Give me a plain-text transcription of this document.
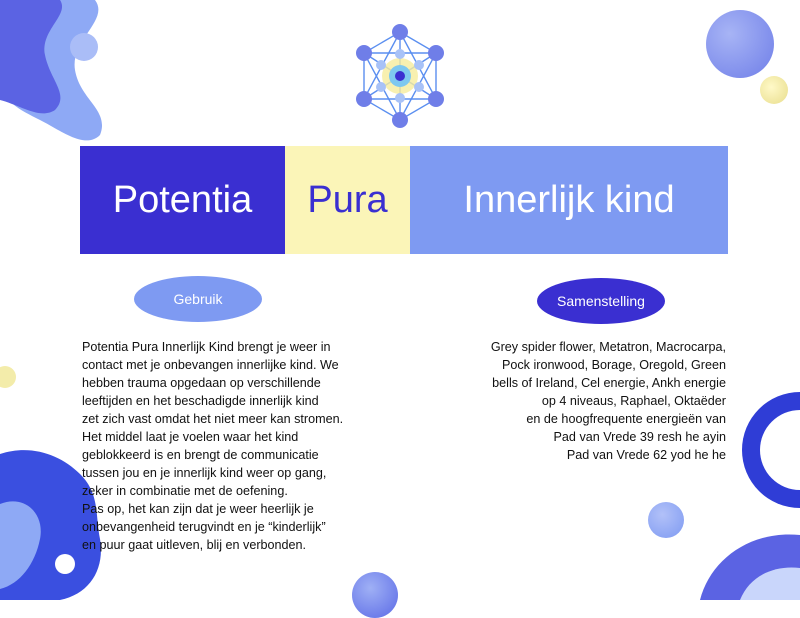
Potentia	Pura	Innerlijk kind
Gebruik	Samenstelling

Potentia Pura Innerlijk Kind brengt je weer in

contact met je onbevangen innerlijke kind. We

hebben trauma opgedaan op verschillende

leeftijden en het beschadigde innerlijk kind

zet zich vast omdat het niet meer kan stromen.

Het middel laat je voelen waar het kind

geblokkeerd is en brengt de communicatie

tussen jou en je innerlijk kind weer op gang,

zeker in combinatie met de oefening.

Pas op, het kan zijn dat je weer heerlijk je

onbevangenheid terugvindt en je “kinderlijk”

en puur gaat uitleven, blij en verbonden.

Grey spider flower, Metatron, Macrocarpa,
Pock ironwood, Borage, Oregold, Green
bells of Ireland, Cel energie, Ankh energie
op 4 niveaus, Raphael, Oktaëder
en de hoogfrequente energieën van
Pad van Vrede 39 resh he ayin
Pad van Vrede 62 yod he he
